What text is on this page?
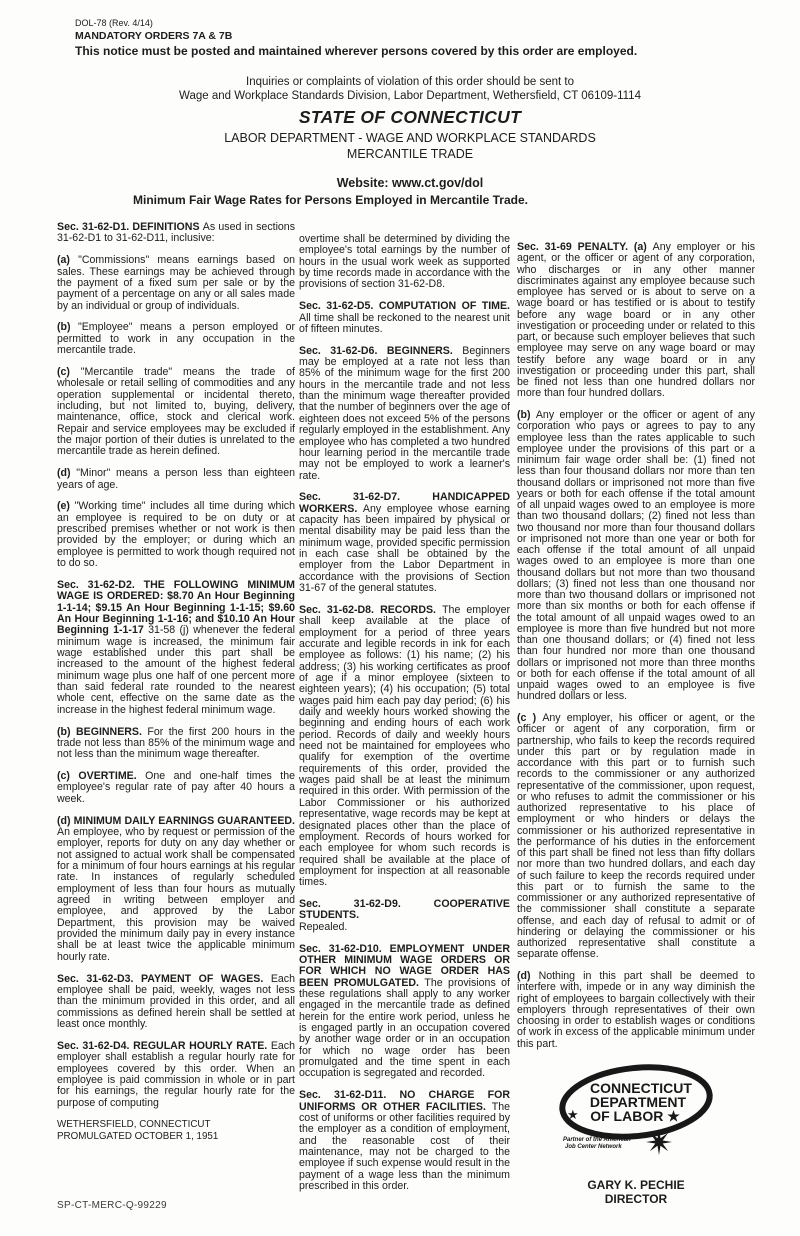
DOL-78 (Rev. 4/14)

MANDATORY ORDERS 7A & 7B

This notice must be posted and maintained wherever persons covered by this order are employed.

Inquiries or complaints of violation of this order should be sent to

Wage and Workplace Standards Division, Labor Department, Wethersfield, CT 06109-1114

STATE OF CONNECTICUT

LABOR DEPARTMENT - WAGE AND WORKPLACE STANDARDS

MERCANTILE TRADE

Website: www.ct.gov/dol

Minimum Fair Wage Rates for Persons Employed in Mercantile Trade.

Sec. 31-62-D1. DEFINITIONS As used in sections 31-62-D1 to 31-62-D11, inclusive:

(a) "Commissions" means earnings based on sales. These earnings may be achieved through the payment of a fixed sum per sale or by the payment of a percentage on any or all sales made by an individual or group of individuals.

(b) "Employee" means a person employed or permitted to work in any occupation in the mercantile trade.

(c) "Mercantile trade" means the trade of wholesale or retail selling of commodities and any operation supplemental or incidental thereto, including, but not limited to, buying, delivery, maintenance, office, stock and clerical work. Repair and service employees may be excluded if the major portion of their duties is unrelated to the mercantile trade as herein defined.

(d) "Minor" means a person less than eighteen years of age.

(e) "Working time" includes all time during which an employee is required to be on duty or at prescribed premises whether or not work is then provided by the employer; or during which an employee is permitted to work though required not to do so.

Sec. 31-62-D2. THE FOLLOWING MINIMUM WAGE IS ORDERED: $8.70 An Hour Beginning 1-1-14; $9.15 An Hour Beginning 1-1-15; $9.60 An Hour Beginning 1-1-16; and $10.10 An Hour Beginning 1-1-17 31-58 (j) whenever the federal minimum wage is increased, the minimum fair wage established under this part shall be increased to the amount of the highest federal minimum wage plus one half of one percent more than said federal rate rounded to the nearest whole cent, effective on the same date as the increase in the highest federal minimum wage.

(b) BEGINNERS. For the first 200 hours in the trade not less than 85% of the minimum wage and not less than the minimum wage thereafter.

(c) OVERTIME. One and one-half times the employee's regular rate of pay after 40 hours a week.

(d) MINIMUM DAILY EARNINGS GUARANTEED. An employee, who by request or permission of the employer, reports for duty on any day whether or not assigned to actual work shall be compensated for a minimum of four hours earnings at his regular rate. In instances of regularly scheduled employment of less than four hours as mutually agreed in writing between employer and employee, and approved by the Labor Department, this provision may be waived provided the minimum daily pay in every instance shall be at least twice the applicable minimum hourly rate.

Sec. 31-62-D3. PAYMENT OF WAGES. Each employee shall be paid, weekly, wages not less than the minimum provided in this order, and all commissions as defined herein shall be settled at least once monthly.

Sec. 31-62-D4. REGULAR HOURLY RATE. Each employer shall establish a regular hourly rate for employees covered by this order. When an employee is paid commission in whole or in part for his earnings, the regular hourly rate for the purpose of computing

WETHERSFIELD, CONNECTICUT
PROMULGATED OCTOBER 1, 1951

overtime shall be determined by dividing the employee's total earnings by the number of hours in the usual work week as supported by time records made in accordance with the provisions of section 31-62-D8.

Sec. 31-62-D5. COMPUTATION OF TIME. All time shall be reckoned to the nearest unit of fifteen minutes.

Sec. 31-62-D6. BEGINNERS. Beginners may be employed at a rate not less than 85% of the minimum wage for the first 200 hours in the mercantile trade and not less than the minimum wage thereafter provided that the number of beginners over the age of eighteen does not exceed 5% of the persons regularly employed in the establishment. Any employee who has completed a two hundred hour learning period in the mercantile trade may not be employed to work a learner's rate.

Sec. 31-62-D7. HANDICAPPED WORKERS. Any employee whose earning capacity has been impaired by physical or mental disability may be paid less than the minimum wage, provided specific permission in each case shall be obtained by the employer from the Labor Department in accordance with the provisions of Section 31-67 of the general statutes.

Sec. 31-62-D8. RECORDS. The employer shall keep available at the place of employment for a period of three years accurate and legible records in ink for each employee as follows: (1) his name; (2) his address; (3) his working certificates as proof of age if a minor employee (sixteen to eighteen years); (4) his occupation; (5) total wages paid him each pay day period; (6) his daily and weekly hours worked showing the beginning and ending hours of each work period. Records of daily and weekly hours need not be maintained for employees who qualify for exemption of the overtime requirements of this order, provided the wages paid shall be at least the minimum required in this order. With permission of the Labor Commissioner or his authorized representative, wage records may be kept at designated places other than the place of employment. Records of hours worked for each employee for whom such records is required shall be available at the place of employment for inspection at all reasonable times.

Sec. 31-62-D9. COOPERATIVE STUDENTS.
Repealed.

Sec. 31-62-D10. EMPLOYMENT UNDER OTHER MINIMUM WAGE ORDERS OR FOR WHICH NO WAGE ORDER HAS BEEN PROMULGATED. The provisions of these regulations shall apply to any worker engaged in the mercantile trade as defined herein for the entire work period, unless he is engaged partly in an occupation covered by another wage order or in an occupation for which no wage order has been promulgated and the time spent in each occupation is segregated and recorded.

Sec. 31-62-D11. NO CHARGE FOR UNIFORMS OR OTHER FACILITIES. The cost of uniforms or other facilities required by the employer as a condition of employment, and the reasonable cost of their maintenance, may not be charged to the employee if such expense would result in the payment of a wage less than the minimum prescribed in this order.

Sec. 31-69 PENALTY. (a) Any employer or his agent, or the officer or agent of any corporation, who discharges or in any other manner discriminates against any employee because such employee has served or is about to serve on a wage board or has testified or is about to testify before any wage board or in any other investigation or proceeding under or related to this part, or because such employer believes that such employee may serve on any wage board or may testify before any wage board or in any investigation or proceeding under this part, shall be fined not less than one hundred dollars nor more than four hundred dollars.

(b) Any employer or the officer or agent of any corporation who pays or agrees to pay to any employee less than the rates applicable to such employee under the provisions of this part or a minimum fair wage order shall be: (1) fined not less than four thousand dollars nor more than ten thousand dollars or imprisoned not more than five years or both for each offense if the total amount of all unpaid wages owed to an employee is more than two thousand dollars; (2) fined not less than two thousand nor more than four thousand dollars or imprisoned not more than one year or both for each offense if the total amount of all unpaid wages owed to an employee is more than one thousand dollars but not more than two thousand dollars; (3) fined not less than one thousand nor more than two thousand dollars or imprisoned not more than six months or both for each offense if the total amount of all unpaid wages owed to an employee is more than five hundred but not more than one thousand dollars; or (4) fined not less than four hundred nor more than one thousand dollars or imprisoned not more than three months or both for each offense if the total amount of all unpaid wages owed to an employee is five hundred dollars or less.

(c ) Any employer, his officer or agent, or the officer or agent of any corporation, firm or partnership, who fails to keep the records required under this part or by regulation made in accordance with this part or to furnish such records to the commissioner or any authorized representative of the commissioner, upon request, or who refuses to admit the commissioner or his authorized representative to his place of employment or who hinders or delays the commissioner or his authorized representative in the performance of his duties in the enforcement of this part shall be fined not less than fifty dollars nor more than two hundred dollars, and each day of such failure to keep the records required under this part or to furnish the same to the commissioner or any authorized representative of the commissioner shall constitute a separate offense, and each day of refusal to admit or of hindering or delaying the commissioner or his authorized representative shall constitute a separate offense.

(d) Nothing in this part shall be deemed to interfere with, impede or in any way diminish the right of employees to bargain collectively with their employers through representatives of their own choosing in order to establish wages or conditions of work in excess of the applicable minimum under this part.

★
CONNECTICUT
DEPARTMENT
OF LABOR ★
Partner of the American
Job Center Network
GARY K. PECHIE
DIRECTOR
SP-CT-MERC-Q-99229
